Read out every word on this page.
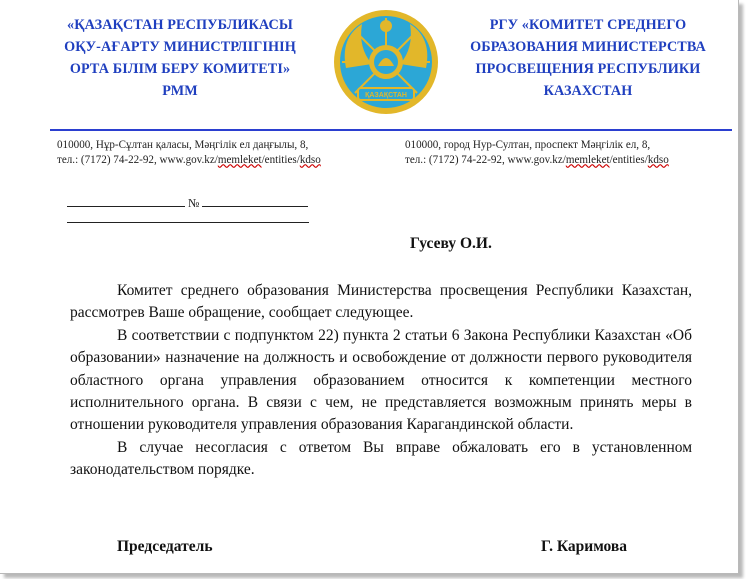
«ҚАЗАҚСТАН РЕСПУБЛИКАСЫ
ОҚУ-АҒАРТУ МИНИСТРЛІГІНІҢ
ОРТА БІЛІМ БЕРУ КОМИТЕТІ»
РММ	ҚАЗАҚСТАН
РГУ «КОМИТЕТ СРЕДНЕГО
ОБРАЗОВАНИЯ МИНИСТЕРСТВА
ПРОСВЕЩЕНИЯ РЕСПУБЛИКИ
КАЗАХСТАН
010000, Нұр-Сұлтан қаласы, Мәңгілік ел даңғылы, 8,
тел.: (7172) 74-22-92, www.gov.kz/memleket/entities/kdso
010000, город Нур-Султан, проспект Мәңгілік ел, 8,
тел.: (7172) 74-22-92, www.gov.kz/memleket/entities/kdso
№
Гусеву О.И.

Комитет среднего образования Министерства просвещения Республики Казахстан, рассмотрев Ваше обращение, сообщает следующее.

В соответствии с подпунктом 22) пункта 2 статьи 6 Закона Республики Казахстан «Об образовании» назначение на должность и освобождение от должности первого руководителя областного органа управления образованием относится к компетенции местного исполнительного органа. В связи с чем, не представляется возможным принять меры в отношении руководителя управления образования Карагандинской области.

В случае несогласия с ответом Вы вправе обжаловать его в установленном законодательством порядке.

Председатель	Г. Каримова
